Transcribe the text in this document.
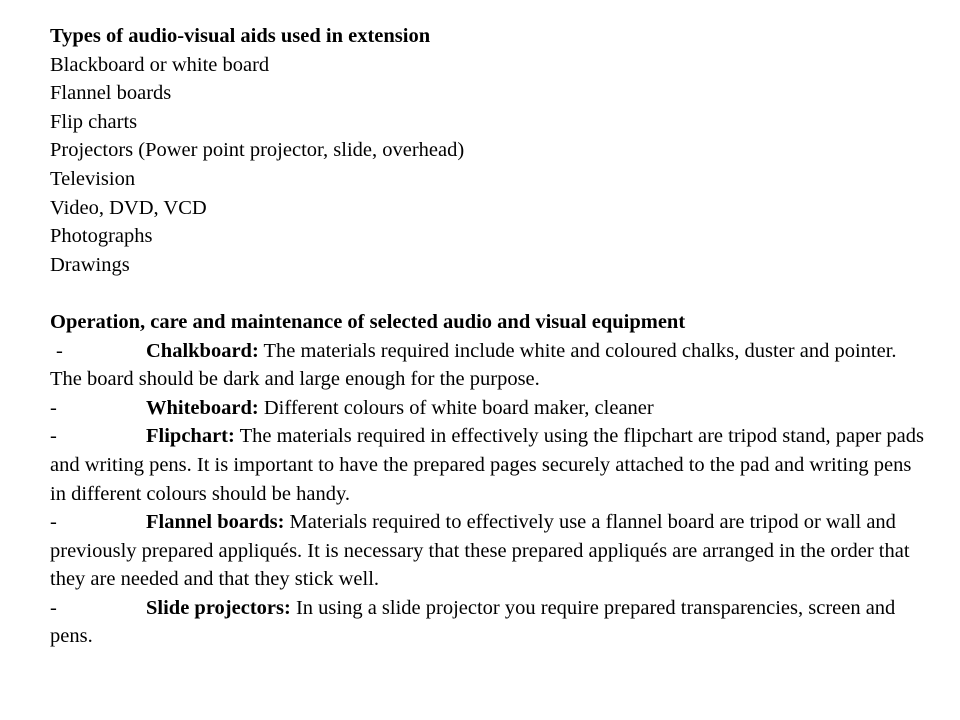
Types of audio-visual aids used in extension

Blackboard or white board

Flannel boards

Flip charts

Projectors (Power point projector, slide, overhead)

Television

Video, DVD, VCD

Photographs

Drawings

Operation, care and maintenance of selected audio and visual equipment

-	Chalkboard: The materials required include white and coloured chalks, duster and pointer. The board should be dark and large enough for the purpose.

-	Whiteboard: Different colours of white board maker, cleaner

-	Flipchart: The materials required in effectively using the flipchart are tripod stand, paper pads and writing pens. It is important to have the prepared pages securely attached to the pad and writing pens in different colours should be handy.

-	Flannel boards: Materials required to effectively use a flannel board are tripod or wall and previously prepared appliqués. It is necessary that these prepared appliqués are arranged in the order that they are needed and that they stick well.

-	Slide projectors: In using a slide projector you require prepared transparencies, screen and pens.
